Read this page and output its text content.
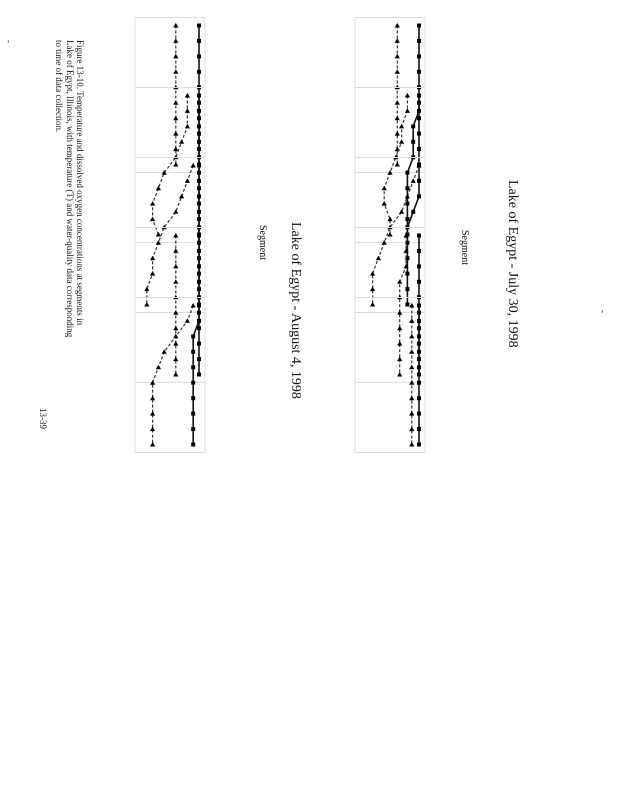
Lake of Egypt - July 30, 1998
Lake of Egypt - August 4, 1998	Segment
Segment
Figure 13-10. Temperature and dissolved oxygen concentrations at segments in Lake of Egypt, Illinois, with temperature (T) and water-quality data corresponding to time of data collection.
13-39
-
-
